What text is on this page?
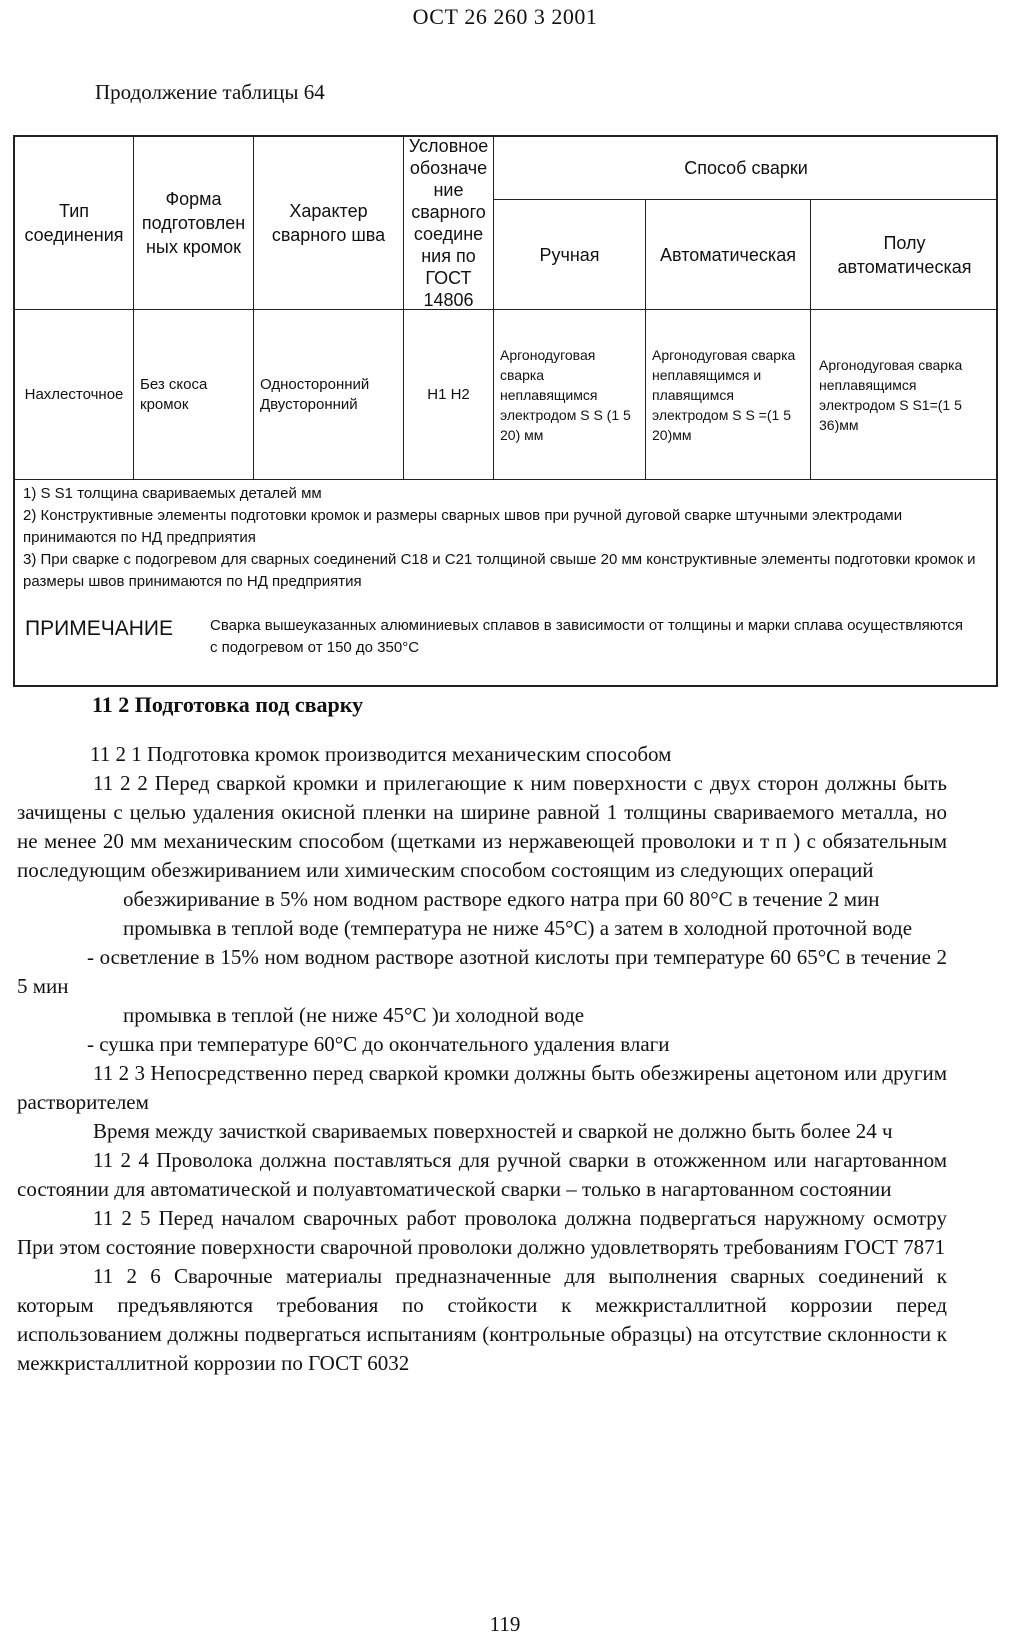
ОСТ 26 260 3 2001
Продолжение таблицы 64
Тип соединения
Форма подготовлен ных кромок
Характер сварного шва
Условное обозначе ние сварного соедине ния по ГОСТ 14806
Способ сварки
Ручная	Автоматическая
Полу автоматическая
Нахлесточное
Без скоса кромок
Односторонний
Двусторонний
H1 H2
Аргонодуговая сварка неплавящимся электродом S S (1 5 20) мм
Аргонодуговая сварка неплавящимся и плавящимся электродом S S =(1 5 20)мм
Аргонодуговая сварка неплавящимся электродом S S1=(1 5 36)мм

1) S S1 толщина свариваемых деталей мм

2) Конструктивные элементы подготовки кромок и размеры сварных швов при ручной дуговой сварке штучными электродами принимаются по НД предприятия

3) При сварке с подогревом для сварных соединений С18 и С21 толщиной свыше 20 мм конструктивные элементы подготовки кромок и размеры швов принимаются по НД предприятия

ПРИМЕЧАНИЕ Сварка вышеуказанных алюминиевых сплавов в зависимости от толщины и марки сплава осуществляются с подогревом от 150 до 350°С
11 2 Подготовка под сварку

11 2 1 Подготовка кромок производится механическим способом

11 2 2 Перед сваркой кромки и прилегающие к ним поверхности с двух сторон должны быть зачищены с целью удаления окисной пленки на ширине равной 1 толщины свариваемого металла, но не менее 20 мм механическим способом (щетками из нержавеющей проволоки и т п ) с обязательным последующим обезжириванием или химическим способом состоящим из следующих операций

обезжиривание в 5% ном водном растворе едкого натра при 60 80°С в течение 2 мин

промывка в теплой воде (температура не ниже 45°С) а затем в холодной проточной воде

- осветление в 15% ном водном растворе азотной кислоты при температуре 60 65°С в течение 2 5 мин

промывка в теплой (не ниже 45°С )и холодной воде

- сушка при температуре 60°С до окончательного удаления влаги

11 2 3 Непосредственно перед сваркой кромки должны быть обезжирены ацетоном или другим растворителем

Время между зачисткой свариваемых поверхностей и сваркой не должно быть более 24 ч

11 2 4 Проволока должна поставляться для ручной сварки в отожженном или нагартованном состоянии для автоматической и полуавтоматической сварки – только в нагартованном состоянии

11 2 5 Перед началом сварочных работ проволока должна подвергаться наружному осмотру При этом состояние поверхности сварочной проволоки должно удовлетворять требованиям ГОСТ 7871

11 2 6 Сварочные материалы предназначенные для выполнения сварных соединений к которым предъявляются требования по стойкости к межкристаллитной коррозии перед использованием должны подвергаться испытаниям (контрольные образцы) на отсутствие склонности к межкристаллитной коррозии по ГОСТ 6032

119
